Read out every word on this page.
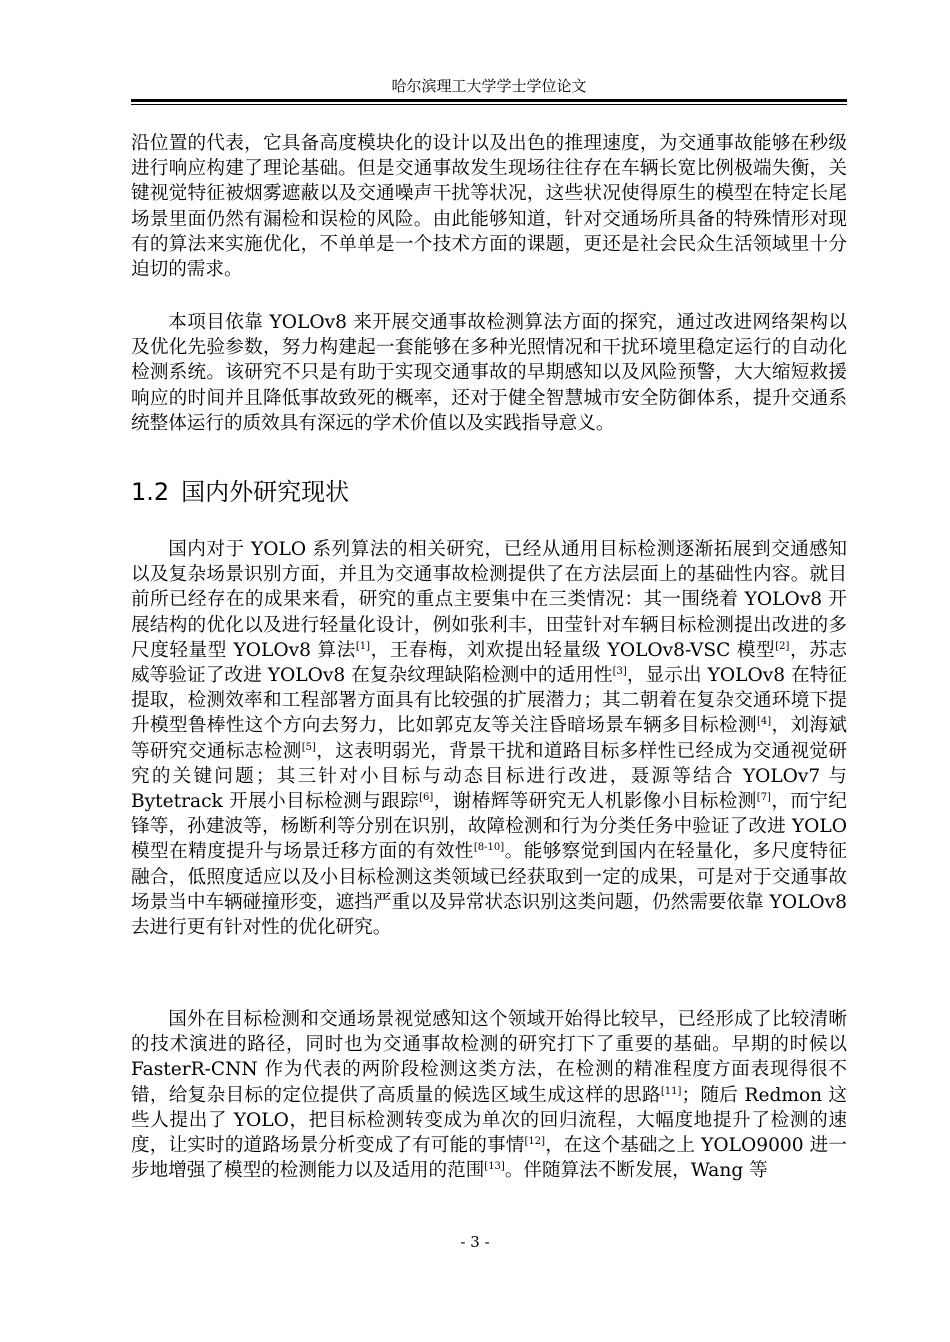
哈尔滨理工大学学士学位论文

沿位置的代表，它具备高度模块化的设计以及出色的推理速度，为交通事故能够在秒级进行响应构建了理论基础。但是交通事故发生现场往往存在车辆长宽比例极端失衡，关键视觉特征被烟雾遮蔽以及交通噪声干扰等状况，这些状况使得原生的模型在特定长尾场景里面仍然有漏检和误检的风险。由此能够知道，针对交通场所具备的特殊情形对现有的算法来实施优化，不单单是一个技术方面的课题，更还是社会民众生活领域里十分迫切的需求。

本项目依靠 YOLOv8 来开展交通事故检测算法方面的探究，通过改进网络架构以及优化先验参数，努力构建起一套能够在多种光照情况和干扰环境里稳定运行的自动化检测系统。该研究不只是有助于实现交通事故的早期感知以及风险预警，大大缩短救援响应的时间并且降低事故致死的概率，还对于健全智慧城市安全防御体系，提升交通系统整体运行的质效具有深远的学术价值以及实践指导意义。

1.2 国内外研究现状

国内对于 YOLO 系列算法的相关研究，已经从通用目标检测逐渐拓展到交通感知以及复杂场景识别方面，并且为交通事故检测提供了在方法层面上的基础性内容。就目前所已经存在的成果来看，研究的重点主要集中在三类情况：其一围绕着 YOLOv8 开展结构的优化以及进行轻量化设计，例如张利丰，田莹针对车辆目标检测提出改进的多尺度轻量型 YOLOv8 算法[1]，王春梅，刘欢提出轻量级 YOLOv8-VSC 模型[2]，苏志威等验证了改进 YOLOv8 在复杂纹理缺陷检测中的适用性[3]，显示出 YOLOv8 在特征提取，检测效率和工程部署方面具有比较强的扩展潜力；其二朝着在复杂交通环境下提升模型鲁棒性这个方向去努力，比如郭克友等关注昏暗场景车辆多目标检测[4]，刘海斌等研究交通标志检测[5]，这表明弱光，背景干扰和道路目标多样性已经成为交通视觉研究的关键问题；其三针对小目标与动态目标进行改进，聂源等结合 YOLOv7 与 Bytetrack 开展小目标检测与跟踪[6]，谢椿辉等研究无人机影像小目标检测[7]，而宁纪锋等，孙建波等，杨断利等分别在识别，故障检测和行为分类任务中验证了改进 YOLO 模型在精度提升与场景迁移方面的有效性[8-10]。能够察觉到国内在轻量化，多尺度特征融合，低照度适应以及小目标检测这类领域已经获取到一定的成果，可是对于交通事故场景当中车辆碰撞形变，遮挡严重以及异常状态识别这类问题，仍然需要依靠 YOLOv8 去进行更有针对性的优化研究。

国外在目标检测和交通场景视觉感知这个领域开始得比较早，已经形成了比较清晰的技术演进的路径，同时也为交通事故检测的研究打下了重要的基础。早期的时候以 FasterR-CNN 作为代表的两阶段检测这类方法，在检测的精准程度方面表现得很不错，给复杂目标的定位提供了高质量的候选区域生成这样的思路[11]；随后 Redmon 这些人提出了 YOLO，把目标检测转变成为单次的回归流程，大幅度地提升了检测的速度，让实时的道路场景分析变成了有可能的事情[12]，在这个基础之上 YOLO9000 进一步地增强了模型的检测能力以及适用的范围[13]。伴随算法不断发展，Wang 等

- 3 -
